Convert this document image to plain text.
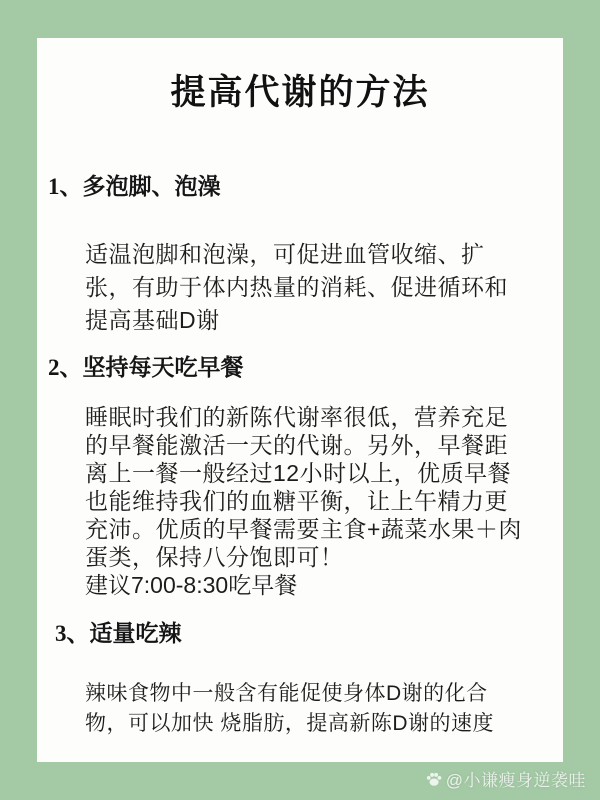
提高代谢的方法
1、多泡脚、泡澡
适温泡脚和泡澡，可促进血管收缩、扩张，有助于体内热量的消耗、促进循环和提高基础D谢
2、坚持每天吃早餐
睡眠时我们的新陈代谢率很低，营养充足的早餐能激活一天的代谢。另外，早餐距离上一餐一般经过12小时以上，优质早餐也能维持我们的血糖平衡，让上午精力更充沛。优质的早餐需要主食+蔬菜水果＋肉蛋类，保持八分饱即可！
建议7:00-8:30吃早餐
3、适量吃辣
辣味食物中一般含有能促使身体D谢的化合物，可以加快 烧脂肪，提高新陈D谢的速度
@小谦瘦身逆袭哇
